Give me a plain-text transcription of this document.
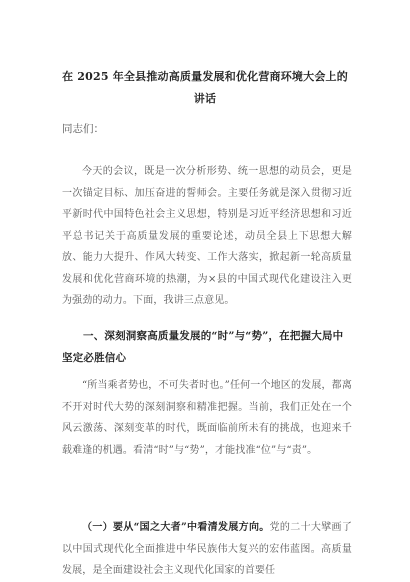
在 2025 年全县推动高质量发展和优化营商环境大会上的讲话
同志们：
今天的会议，既是一次分析形势、统一思想的动员会，更是一次锚定目标、加压奋进的誓师会。主要任务就是深入贯彻习近平新时代中国特色社会主义思想，特别是习近平经济思想和习近平总书记关于高质量发展的重要论述，动员全县上下思想大解放、能力大提升、作风大转变、工作大落实，掀起新一轮高质量发展和优化营商环境的热潮，为×县的中国式现代化建设注入更为强劲的动力。下面，我讲三点意见。
一、深刻洞察高质量发展的“时”与“势”，在把握大局中坚定必胜信心
“所当乘者势也，不可失者时也。”任何一个地区的发展，都离不开对时代大势的深刻洞察和精准把握。当前，我们正处在一个风云激荡、深刻变革的时代，既面临前所未有的挑战，也迎来千载难逢的机遇。看清“时”与“势”，才能找准“位”与“责”。
（一）要从“国之大者”中看清发展方向。党的二十大擘画了以中国式现代化全面推进中华民族伟大复兴的宏伟蓝图。高质量发展，是全面建设社会主义现代化国家的首要任
